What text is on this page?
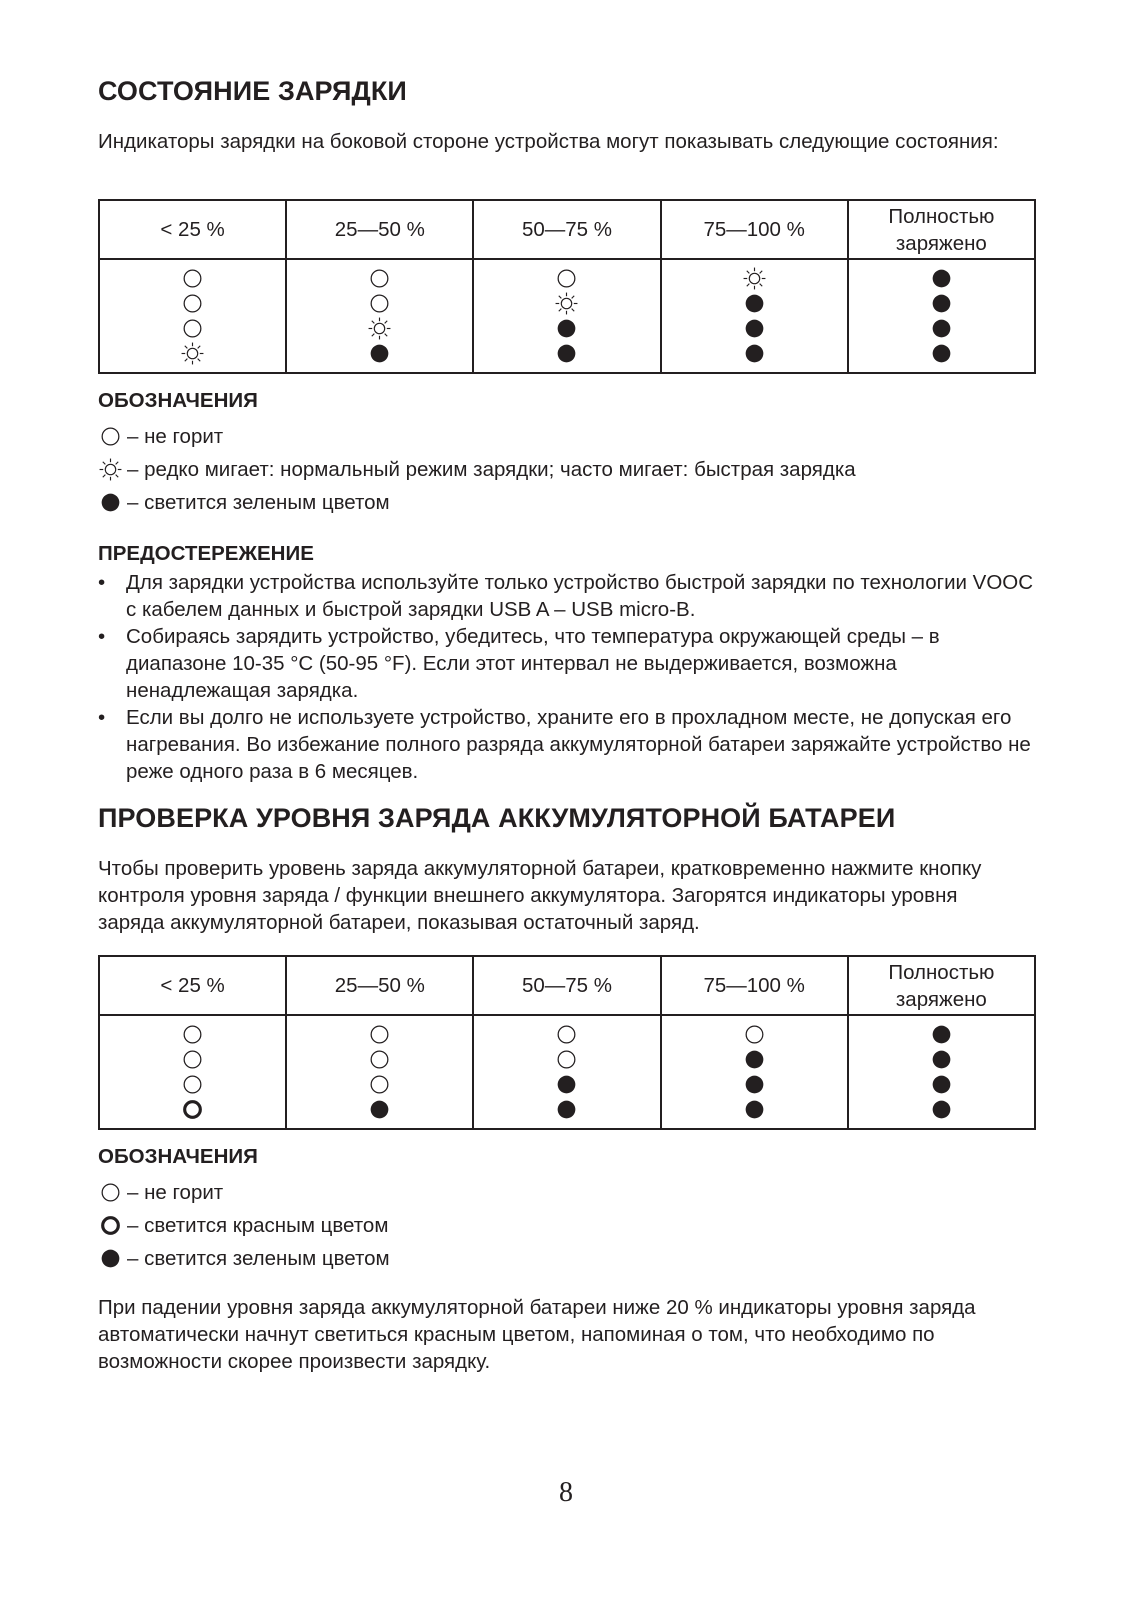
СОСТОЯНИЕ ЗАРЯДКИ

Индикаторы зарядки на боковой стороне устройства могут показывать следующие состояния:

< 25 %	25—50 %	50—75 %	75—100 %	Полностью заряжено

ОБОЗНАЧЕНИЯ
– не горит
– редко мигает: нормальный режим зарядки; часто мигает: быстрая зарядка
– светится зеленым цветом
ПРЕДОСТЕРЕЖЕНИЕ
• Для зарядки устройства используйте только устройство быстрой зарядки по технологии VOOC с кабелем данных и быстрой зарядки USB A – USB micro-B.
• Собираясь зарядить устройство, убедитесь, что температура окружающей среды – в диапазоне 10-35 °C (50-95 °F). Если этот интервал не выдерживается, возможна ненадлежащая зарядка.
• Если вы долго не используете устройство, храните его в прохладном месте, не допуская его нагревания. Во избежание полного разряда аккумуляторной батареи заряжайте устройство не реже одного раза в 6 месяцев.
ПРОВЕРКА УРОВНЯ ЗАРЯДА АККУМУЛЯТОРНОЙ БАТАРЕИ

Чтобы проверить уровень заряда аккумуляторной батареи, кратковременно нажмите кнопку контроля уровня заряда / функции внешнего аккумулятора. Загорятся индикаторы уровня заряда аккумуляторной батареи, показывая остаточный заряд.

< 25 %	25—50 %	50—75 %	75—100 %	Полностью заряжено

ОБОЗНАЧЕНИЯ
– не горит
– светится красным цветом
– светится зеленым цветом

При падении уровня заряда аккумуляторной батареи ниже 20 % индикаторы уровня заряда автоматически начнут светиться красным цветом, напоминая о том, что необходимо по возможности скорее произвести зарядку.

8
